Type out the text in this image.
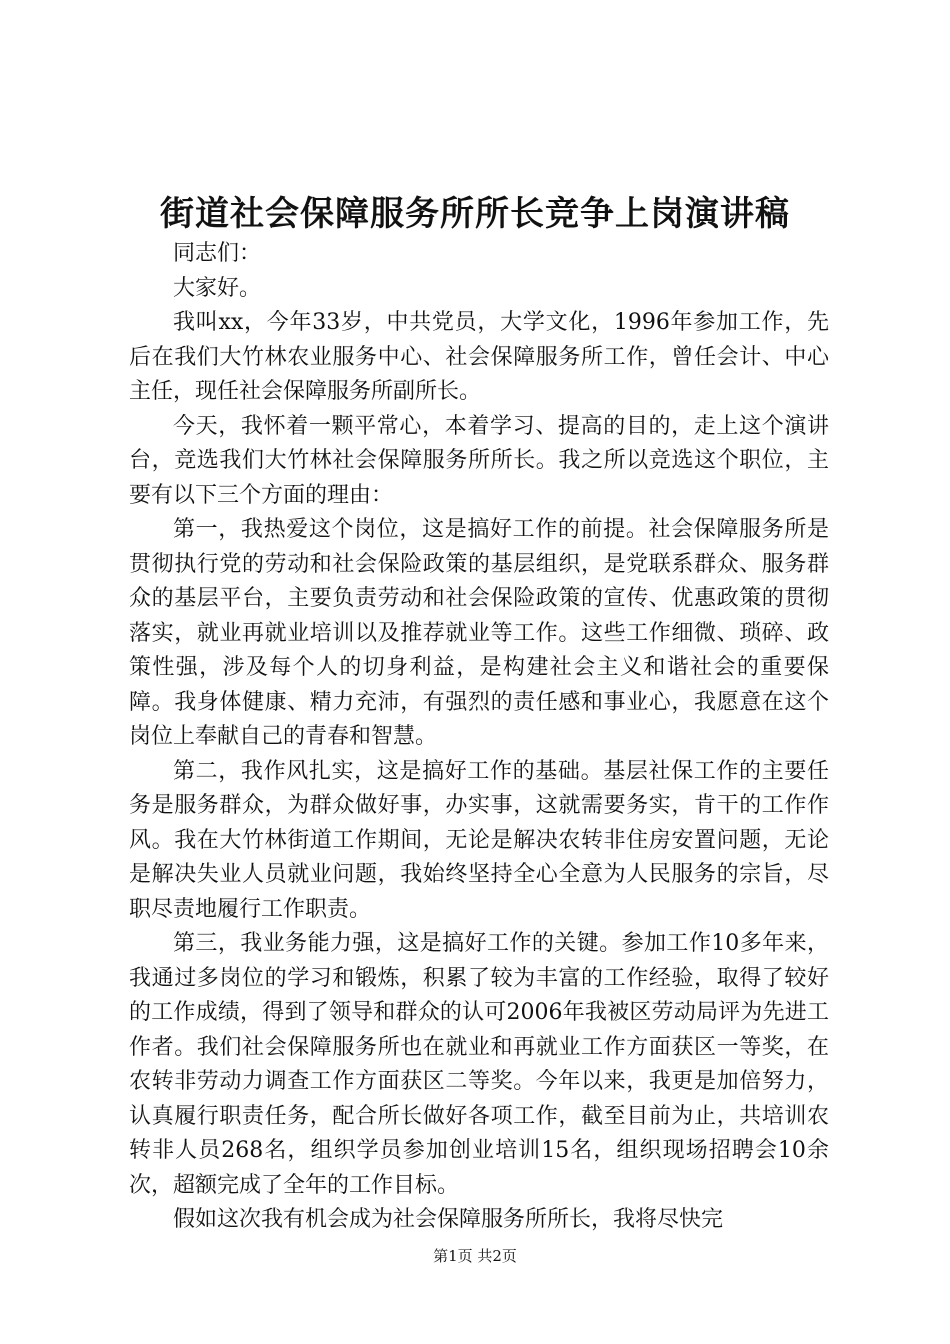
街道社会保障服务所所长竞争上岗演讲稿

同志们：

大家好。

我叫xx，今年33岁，中共党员，大学文化，1996年参加工作，先后在我们大竹林农业服务中心、社会保障服务所工作，曾任会计、中心主任，现任社会保障服务所副所长。

今天，我怀着一颗平常心，本着学习、提高的目的，走上这个演讲台，竞选我们大竹林社会保障服务所所长。我之所以竞选这个职位，主要有以下三个方面的理由：

第一，我热爱这个岗位，这是搞好工作的前提。社会保障服务所是贯彻执行党的劳动和社会保险政策的基层组织，是党联系群众、服务群众的基层平台，主要负责劳动和社会保险政策的宣传、优惠政策的贯彻落实，就业再就业培训以及推荐就业等工作。这些工作细微、琐碎、政策性强，涉及每个人的切身利益，是构建社会主义和谐社会的重要保障。我身体健康、精力充沛，有强烈的责任感和事业心，我愿意在这个岗位上奉献自己的青春和智慧。

第二，我作风扎实，这是搞好工作的基础。基层社保工作的主要任务是服务群众，为群众做好事，办实事，这就需要务实，肯干的工作作风。我在大竹林街道工作期间，无论是解决农转非住房安置问题，无论是解决失业人员就业问题，我始终坚持全心全意为人民服务的宗旨，尽职尽责地履行工作职责。

第三，我业务能力强，这是搞好工作的关键。参加工作10多年来，我通过多岗位的学习和锻炼，积累了较为丰富的工作经验，取得了较好的工作成绩，得到了领导和群众的认可2006年我被区劳动局评为先进工作者。我们社会保障服务所也在就业和再就业工作方面获区一等奖，在农转非劳动力调查工作方面获区二等奖。今年以来，我更是加倍努力，认真履行职责任务，配合所长做好各项工作，截至目前为止，共培训农转非人员268名，组织学员参加创业培训15名，组织现场招聘会10余次，超额完成了全年的工作目标。

假如这次我有机会成为社会保障服务所所长，我将尽快完

第1页 共2页
